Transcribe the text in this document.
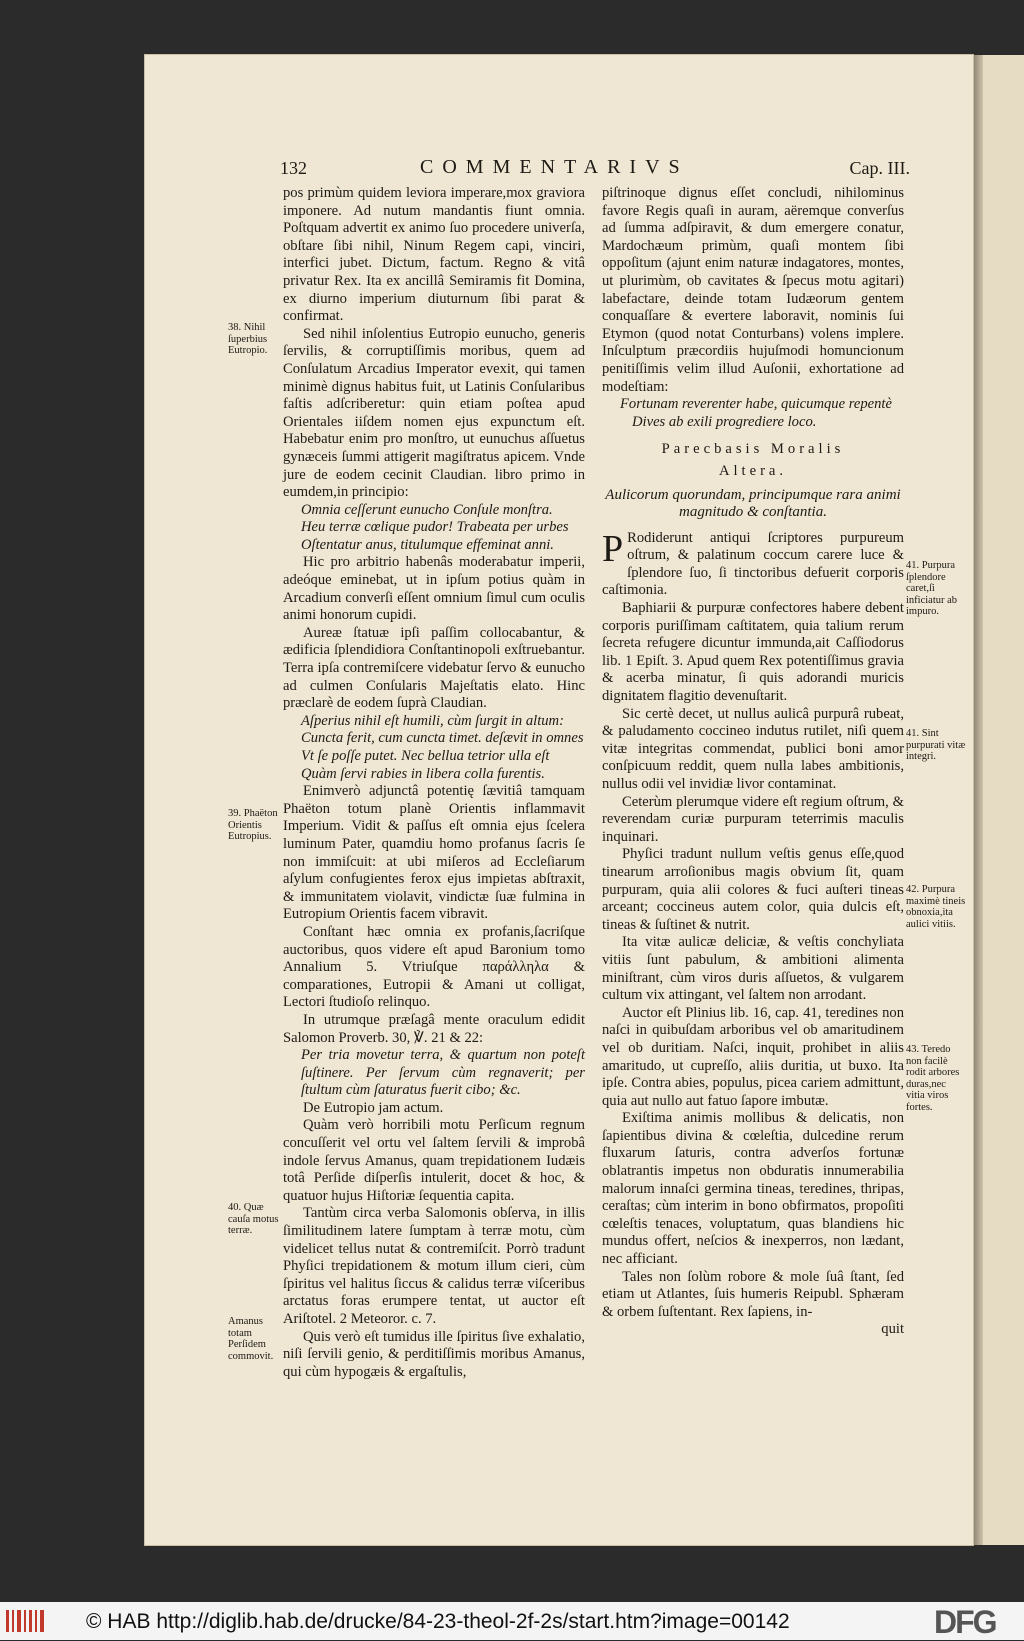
132	COMMENTARIVS	Cap. III.

pos primùm quidem leviora imperare,mox graviora imponere. Ad nutum mandantis fiunt omnia. Poſtquam advertit ex animo ſuo procedere univerſa, obſtare ſibi nihil, Ninum Regem capi, vinciri, interfici jubet. Dictum, factum. Regno & vitâ privatur Rex. Ita ex ancillâ Semiramis fit Domina, ex diurno imperium diuturnum ſibi parat & confirmat.

Sed nihil inſolentius Eutropio eunucho, generis ſervilis, & corruptiſſimis moribus, quem ad Conſulatum Arcadius Imperator evexit, qui tamen minimè dignus habitus fuit, ut Latinis Conſularibus faſtis adſcriberetur: quin etiam poſtea apud Orientales iiſdem nomen ejus expunctum eſt. Habebatur enim pro monſtro, ut eunuchus aſſuetus gynæceis ſummi attigerit magiſtratus apicem. Vnde jure de eodem cecinit Claudian. libro primo in eumdem,in principio:

Omnia ceſſerunt eunucho Conſule monſtra.

Heu terræ cœlique pudor! Trabeata per urbes

Oſtentatur anus, titulumque effeminat anni.

Hic pro arbitrio habenâs moderabatur imperii, adeóque eminebat, ut in ipſum potius quàm in Arcadium converſi eſſent omnium ſimul cum oculis animi honorum cupidi.

Aureæ ſtatuæ ipſi paſſim collocabantur, & ædificia ſplendidiora Conſtantinopoli exſtruebantur. Terra ipſa contremiſcere videbatur ſervo & eunucho ad culmen Conſularis Majeſtatis elato. Hinc præclarè de eodem ſuprà Claudian.

Aſperius nihil eſt humili, cùm ſurgit in altum:

Cuncta ferit, cum cuncta timet. deſævit in omnes

Vt ſe poſſe putet. Nec bellua tetrior ulla eſt

Quàm ſervi rabies in libera colla furentis.

Enimverò adjunctâ potentię ſævitiâ tamquam Phaëton totum planè Orientis inflammavit Imperium. Vidit & paſſus eſt omnia ejus ſcelera luminum Pater, quamdiu homo profanus ſacris ſe non immiſcuit: at ubi miſeros ad Eccleſiarum aſylum confugientes ferox ejus impietas abſtraxit, & immunitatem violavit, vindictæ ſuæ fulmina in Eutropium Orientis facem vibravit.

Conſtant hæc omnia ex profanis,ſacriſque auctoribus, quos videre eſt apud Baronium tomo Annalium 5. Vtriuſque παράλληλα & comparationes, Eutropii & Amani ut colligat, Lectori ſtudioſo relinquo.

In utrumque præſagâ mente oraculum edidit Salomon Proverb. 30, ℣. 21 & 22:

Per tria movetur terra, & quartum non poteſt ſuſtinere. Per ſervum cùm regnaverit; per ſtultum cùm ſaturatus fuerit cibo; &c.

De Eutropio jam actum.

Quàm verò horribili motu Perſicum regnum concuſſerit vel ortu vel ſaltem ſervili & improbâ indole ſervus Amanus, quam trepidationem Iudæis totâ Perſide diſperſis intulerit, docet & hoc, & quatuor hujus Hiſtoriæ ſequentia capita.

Tantùm circa verba Salomonis obſerva, in illis ſimilitudinem latere ſumptam à terræ motu, cùm videlicet tellus nutat & contremiſcit. Porrò tradunt Phyſici trepidationem & motum illum cieri, cùm ſpiritus vel halitus ſiccus & calidus terræ viſceribus arctatus foras erumpere tentat, ut auctor eſt Ariſtotel. 2 Meteoror. c. 7.

Quis verò eſt tumidus ille ſpiritus ſive exhalatio, niſi ſervili genio, & perditiſſimis moribus Amanus, qui cùm hypogæis & ergaſtulis,

piſtrinoque dignus eſſet concludi, nihilominus favore Regis quaſi in auram, aëremque converſus ad ſumma adſpiravit, & dum emergere conatur, Mardochæum primùm, quaſi montem ſibi oppoſitum (ajunt enim naturæ indagatores, montes, ut plurimùm, ob cavitates & ſpecus motu agitari) labefactare, deinde totam Iudæorum gentem conquaſſare & evertere laboravit, nominis ſui Etymon (quod notat Conturbans) volens implere. Inſculptum præcordiis hujuſmodi homuncionum penitiſſimis velim illud Auſonii, exhortatione ad modeſtiam:

Fortunam reverenter habe, quicumque repentè

Dives ab exili progrediere loco.

Parecbasis Moralis

Altera.

Aulicorum quorundam, principumque rara animi magnitudo & conſtantia.

P Rodiderunt antiqui ſcriptores purpureum oſtrum, & palatinum coccum carere luce & ſplendore ſuo, ſi tinctoribus defuerit corporis caſtimonia.

Baphiarii & purpuræ confectores habere debent corporis puriſſimam caſtitatem, quia talium rerum ſecreta refugere dicuntur immunda,ait Caſſiodorus lib. 1 Epiſt. 3. Apud quem Rex potentiſſimus gravia & acerba minatur, ſi quis adorandi muricis dignitatem flagitio devenuſtarit.

Sic certè decet, ut nullus aulicâ purpurâ rubeat, & paludamento coccineo indutus rutilet, niſi quem vitæ integritas commendat, publici boni amor conſpicuum reddit, quem nulla labes ambitionis, nullus odii vel invidiæ livor contaminat.

Ceterùm plerumque videre eſt regium oſtrum, & reverendam curiæ purpuram teterrimis maculis inquinari.

Phyſici tradunt nullum veſtis genus eſſe,quod tinearum arroſionibus magis obvium ſit, quam purpuram, quia alii colores & fuci auſteri tineas arceant; coccineus autem color, quia dulcis eſt, tineas & ſuſtinet & nutrit.

Ita vitæ aulicæ deliciæ, & veſtis conchyliata vitiis ſunt pabulum, & ambitioni alimenta miniſtrant, cùm viros duris aſſuetos, & vulgarem cultum vix attingant, vel ſaltem non arrodant.

Auctor eſt Plinius lib. 16, cap. 41, teredines non naſci in quibuſdam arboribus vel ob amaritudinem vel ob duritiam. Naſci, inquit, prohibet in aliis amaritudo, ut cupreſſo, aliis duritia, ut buxo. Ita ipſe. Contra abies, populus, picea cariem admittunt, quia aut nullo aut fatuo ſapore imbutæ.

Exiſtima animis mollibus & delicatis, non ſapientibus divina & cœleſtia, dulcedine rerum fluxarum ſaturis, contra adverſos fortunæ oblatrantis impetus non obduratis innumerabilia malorum innaſci germina tineas, teredines, thripas, ceraſtas; cùm interim in bono obfirmatos, propoſiti cœleſtis tenaces, voluptatum, quas blandiens hic mundus offert, neſcios & inexperros, non lædant, nec afficiant.

Tales non ſolùm robore & mole ſuâ ſtant, ſed etiam ut Atlantes, ſuis humeris Reipubl. Sphæram & orbem ſuſtentant. Rex ſapiens, in-

quit

38. Nihil ſuperbius Eutropio.
39. Phaëton Orientis Eutropius.
40. Quæ cauſa motus terræ.
Amanus totam Perſidem commovit.
41. Purpura ſplendore caret,ſi inficiatur ab impuro.
41. Sint purpurati vitæ integri.
42. Purpura maximè tineis obnoxia,ita aulici vitiis.
43. Teredo non facilè rodit arbores duras,nec vitia viros fortes.
© HAB http://diglib.hab.de/drucke/84-23-theol-2f-2s/start.htm?image=00142	DFG
